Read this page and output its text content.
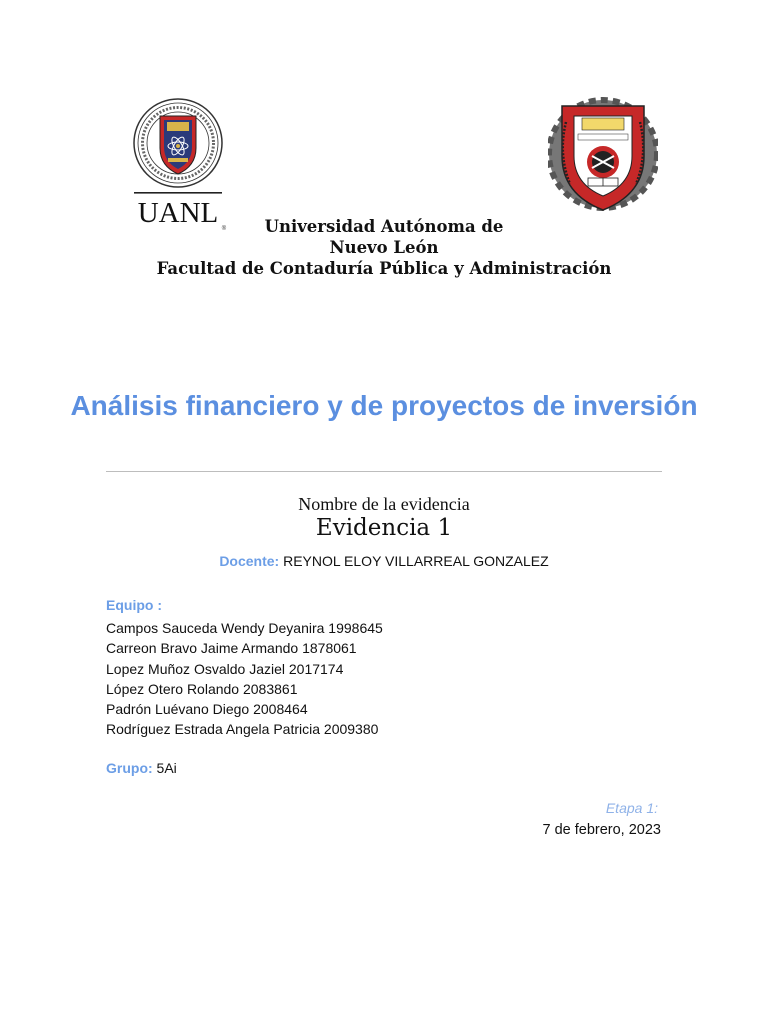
UANL ®	Universidad Autónoma de
Nuevo León
Facultad de Contaduría Pública y Administración
Análisis financiero y de proyectos de inversión
Nombre de la evidencia
Evidencia 1
Docente: REYNOL ELOY VILLARREAL GONZALEZ
Equipo :
Campos Sauceda Wendy Deyanira 1998645
Carreon Bravo Jaime Armando 1878061
Lopez Muñoz Osvaldo Jaziel 2017174
López Otero Rolando 2083861
Padrón Luévano Diego 2008464
Rodríguez Estrada Angela Patricia 2009380
Grupo: 5Ai
Etapa 1:
7 de febrero, 2023
